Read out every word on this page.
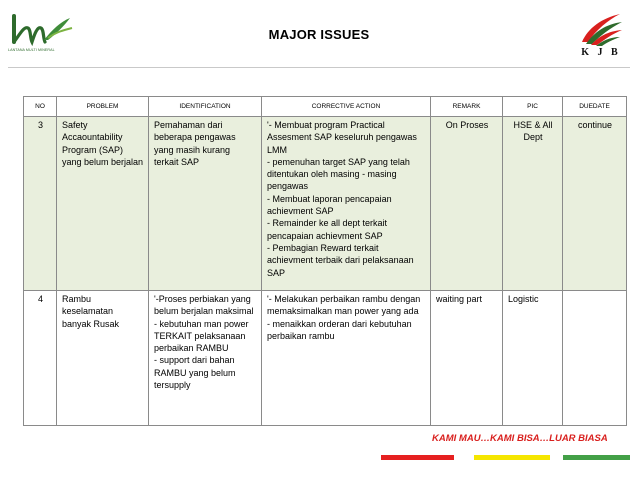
LANTANA MULTI MINERAL
MAJOR ISSUES
K J B
NO	PROBLEM	IDENTIFICATION	CORRECTIVE ACTION	REMARK	PIC	DUEDATE
3	Safety Accaountability Program (SAP) yang belum berjalan	Pemahaman dari beberapa pengawas yang masih kurang terkait SAP	'- Membuat program Practical Assesment SAP keseluruh pengawas LMM
- pemenuhan target SAP yang telah ditentukan oleh masing - masing pengawas
- Membuat laporan pencapaian achievment SAP
- Remainder ke all dept terkait pencapaian achievment SAP
- Pembagian Reward terkait achievment terbaik dari pelaksanaan SAP	On Proses	HSE & All Dept	continue
4	Rambu keselamatan banyak Rusak	'-Proses perbiakan yang belum berjalan maksimal
- kebutuhan man power TERKAIT pelaksanaan perbaikan RAMBU
- support dari bahan RAMBU yang belum tersupply	'- Melakukan perbaikan rambu dengan memaksimalkan man power yang ada
- menaikkan orderan dari kebutuhan perbaikan rambu	waiting part	Logistic	
KAMI MAU…KAMI BISA…LUAR BIASA
